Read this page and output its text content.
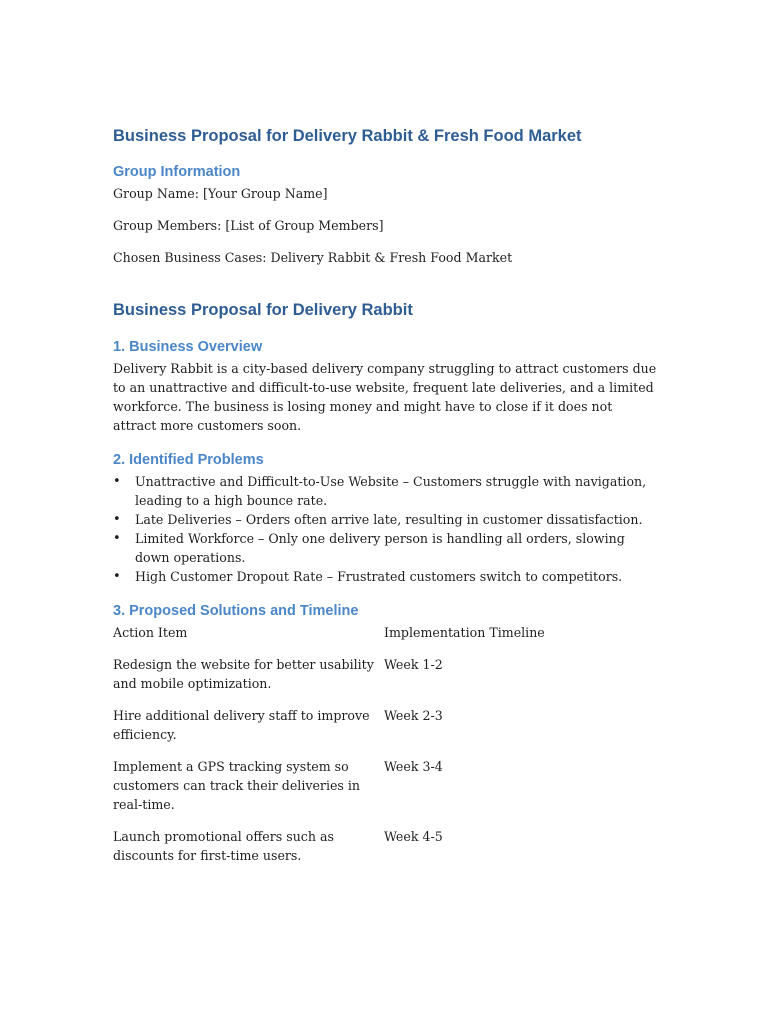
Business Proposal for Delivery Rabbit & Fresh Food Market
Group Information

Group Name: [Your Group Name]

Group Members: [List of Group Members]

Chosen Business Cases: Delivery Rabbit & Fresh Food Market

Business Proposal for Delivery Rabbit
1. Business Overview

Delivery Rabbit is a city-based delivery company struggling to attract customers due to an unattractive and difficult-to-use website, frequent late deliveries, and a limited workforce. The business is losing money and might have to close if it does not attract more customers soon.

2. Identified Problems
• Unattractive and Difficult-to-Use Website – Customers struggle with navigation, leading to a high bounce rate.
• Late Deliveries – Orders often arrive late, resulting in customer dissatisfaction.
• Limited Workforce – Only one delivery person is handling all orders, slowing down operations.
• High Customer Dropout Rate – Frustrated customers switch to competitors.
3. Proposed Solutions and Timeline
Action Item	Implementation Timeline
Redesign the website for better usability and mobile optimization.
Week 1-2
Hire additional delivery staff to improve efficiency.
Week 2-3
Implement a GPS tracking system so customers can track their deliveries in real-time.
Week 3-4
Launch promotional offers such as discounts for first-time users.
Week 4-5
